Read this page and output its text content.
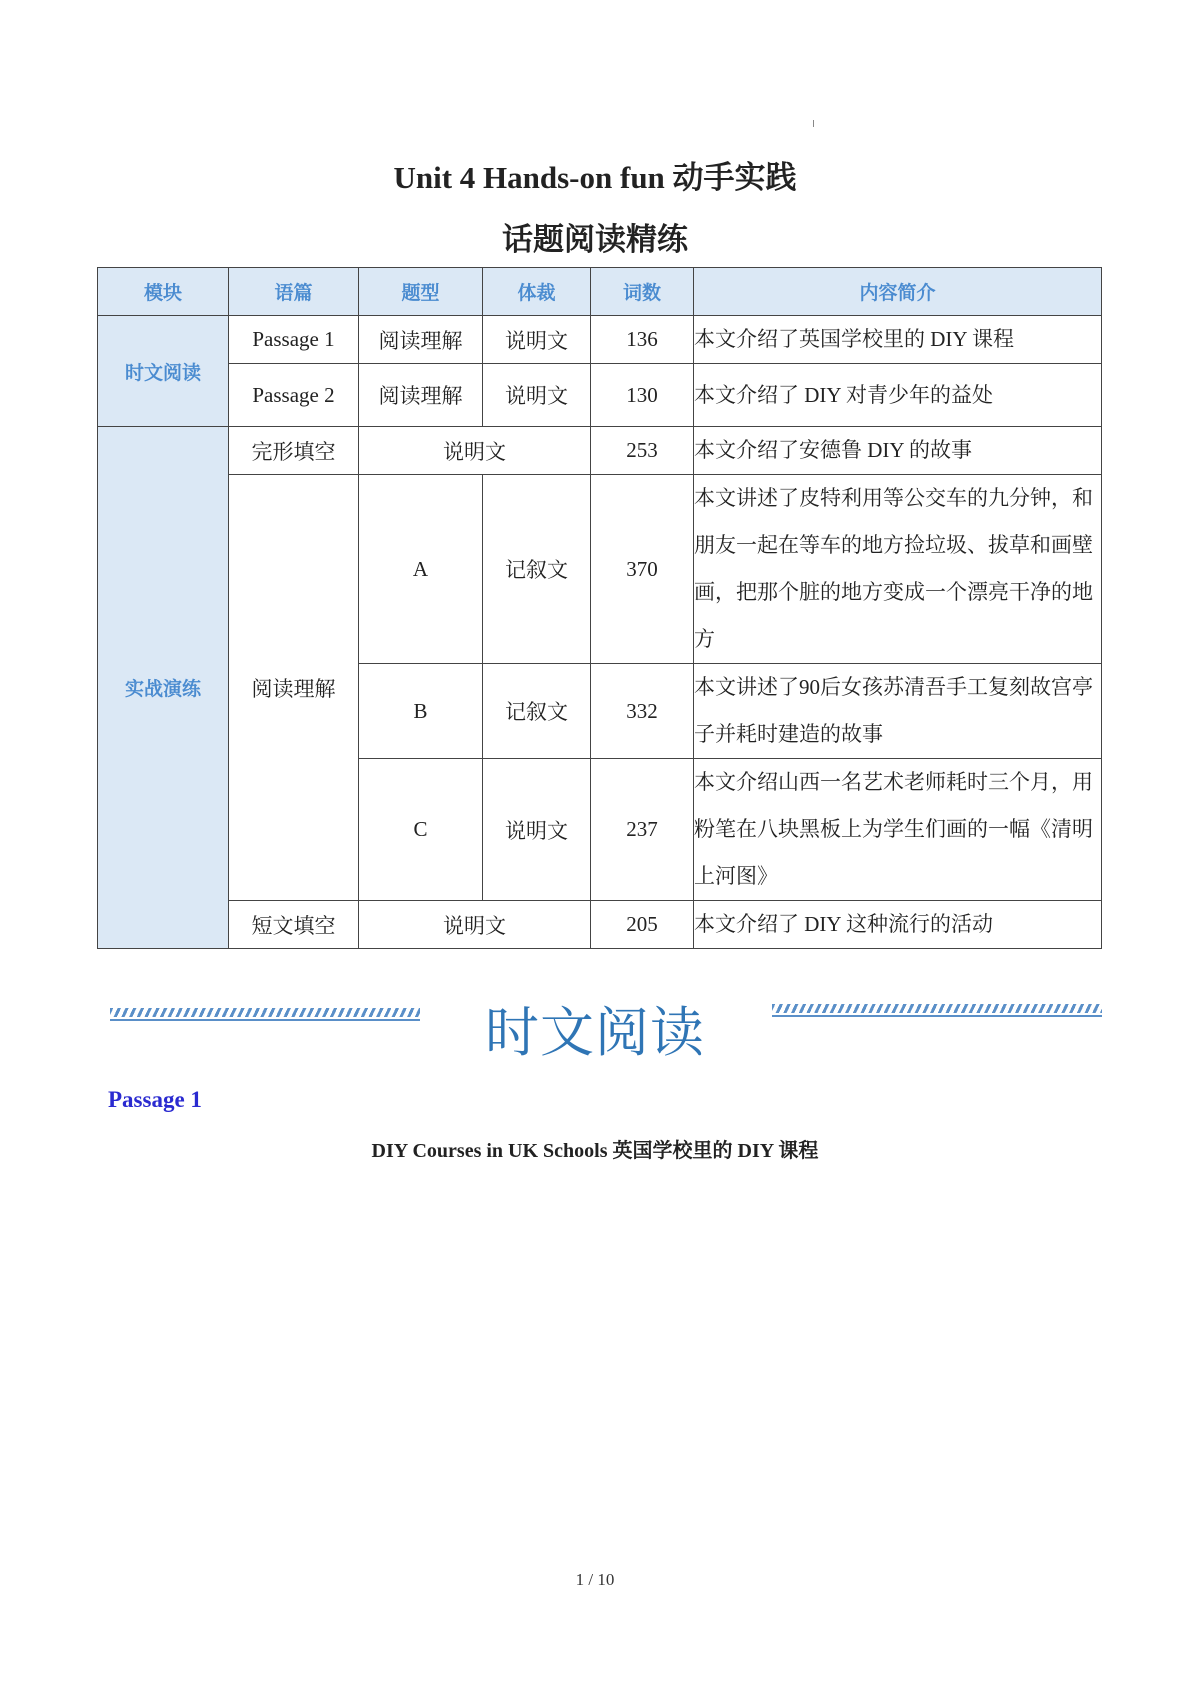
Unit 4 Hands-on fun 动手实践
话题阅读精练
模块	语篇	题型	体裁	词数	内容简介
时文阅读	Passage 1	阅读理解	说明文	136	本文介绍了英国学校里的 DIY 课程
	Passage 2	阅读理解	说明文	130	本文介绍了 DIY 对青少年的益处
实战演练	完形填空	说明文		253	本文介绍了安德鲁 DIY 的故事
	阅读理解	A	记叙文	370	本文讲述了皮特利用等公交车的九分钟，和朋友一起在等车的地方捡垃圾、拔草和画壁画，把那个脏的地方变成一个漂亮干净的地方
		B	记叙文	332	本文讲述了90后女孩苏清吾手工复刻故宫亭子并耗时建造的故事
		C	说明文	237	本文介绍山西一名艺术老师耗时三个月，用粉笔在八块黑板上为学生们画的一幅《清明上河图》
	短文填空	说明文		205	本文介绍了 DIY 这种流行的活动
时文阅读
Passage 1
DIY Courses in UK Schools 英国学校里的 DIY 课程
1 / 10
